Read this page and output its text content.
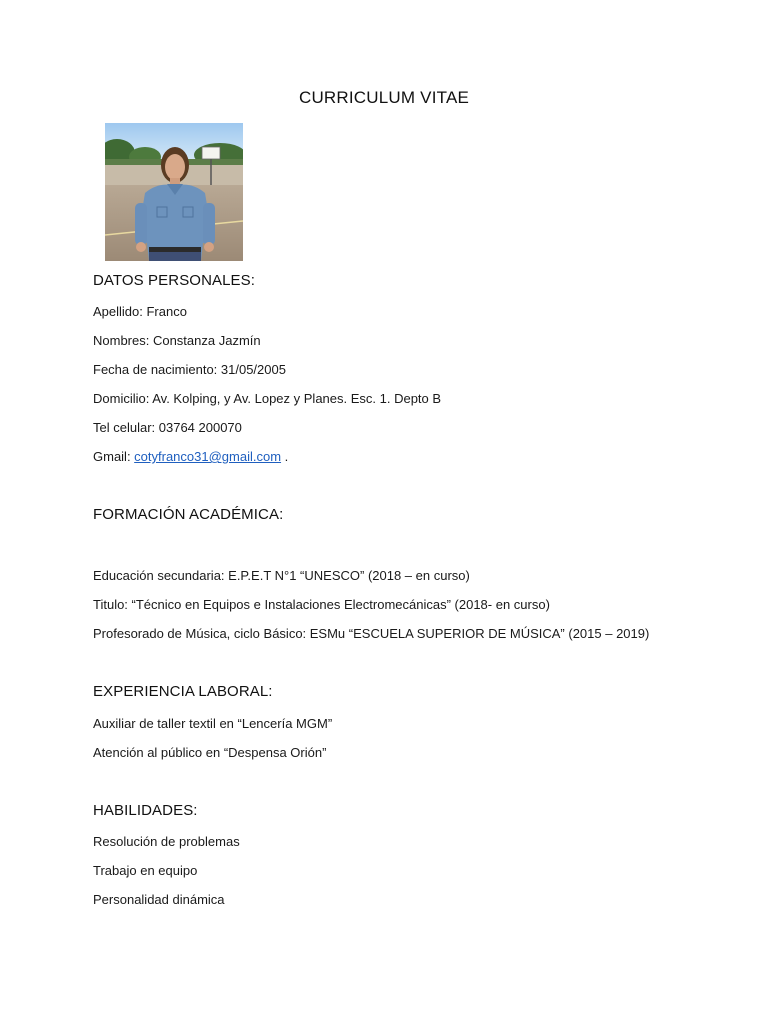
CURRICULUM VITAE
DATOS PERSONALES:
Apellido: Franco
Nombres: Constanza Jazmín
Fecha de nacimiento: 31/05/2005
Domicilio: Av. Kolping, y Av. Lopez y Planes. Esc. 1. Depto B
Tel celular: 03764 200070
Gmail: cotyfranco31@gmail.com .
FORMACIÓN ACADÉMICA:
Educación secundaria: E.P.E.T N°1 “UNESCO” (2018 – en curso)
Titulo: “Técnico en Equipos e Instalaciones Electromecánicas” (2018- en curso)
Profesorado de Música, ciclo Básico: ESMu “ESCUELA SUPERIOR DE MÚSICA” (2015 – 2019)
EXPERIENCIA LABORAL:
Auxiliar de taller textil en “Lencería MGM”
Atención al público en “Despensa Orión”
HABILIDADES:
Resolución de problemas
Trabajo en equipo
Personalidad dinámica
